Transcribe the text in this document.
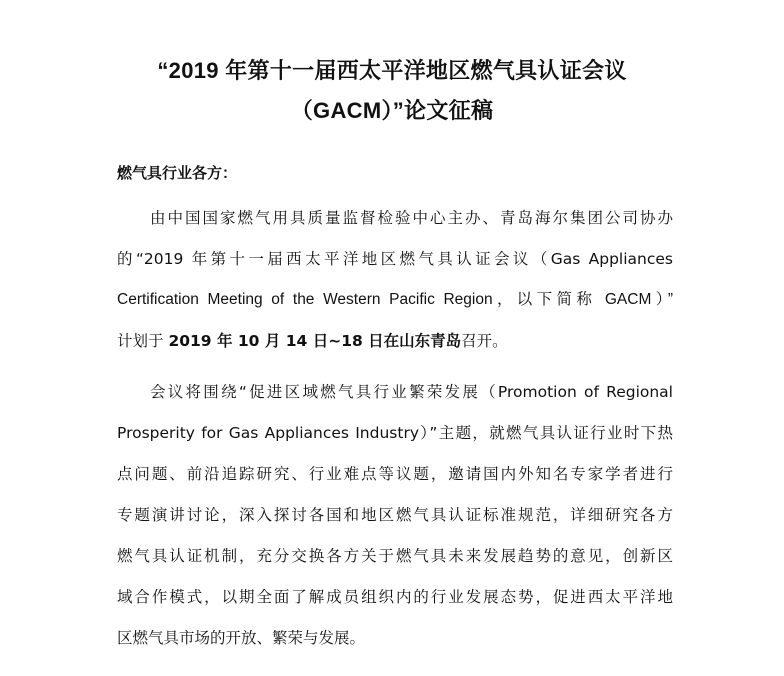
“2019 年第十一届西太平洋地区燃气具认证会议
（GACM）”论文征稿

燃气具行业各方：

由中国国家燃气用具质量监督检验中心主办、青岛海尔集团公司协办

的“2019 年第十一届西太平洋地区燃气具认证会议（Gas Appliances

Certification Meeting of the Western Pacific Region，以下简称 GACM）”

计划于 2019 年 10 月 14 日~18 日在山东青岛召开。

会议将围绕“促进区域燃气具行业繁荣发展（Promotion of Regional

Prosperity for Gas Appliances Industry）”主题，就燃气具认证行业时下热

点问题、前沿追踪研究、行业难点等议题，邀请国内外知名专家学者进行

专题演讲讨论，深入探讨各国和地区燃气具认证标准规范，详细研究各方

燃气具认证机制，充分交换各方关于燃气具未来发展趋势的意见，创新区

域合作模式，以期全面了解成员组织内的行业发展态势，促进西太平洋地

区燃气具市场的开放、繁荣与发展。
